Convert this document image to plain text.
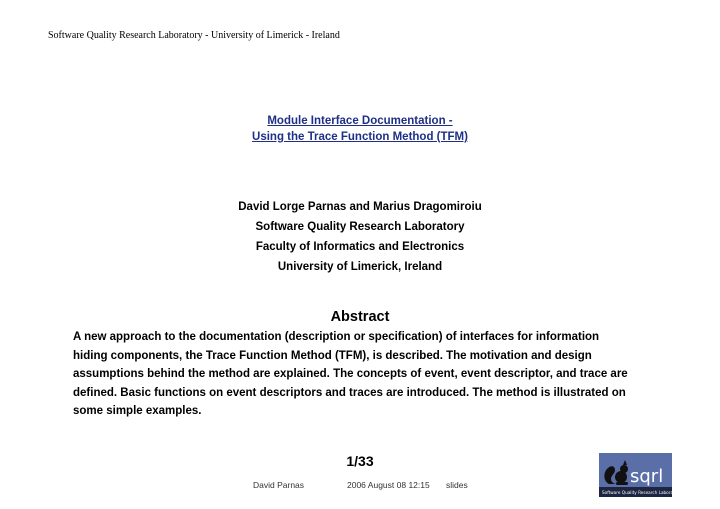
Software Quality Research Laboratory - University of Limerick - Ireland
Module Interface Documentation -
Using the Trace Function Method (TFM)
David Lorge Parnas and Marius Dragomiroiu
Software Quality Research Laboratory
Faculty of Informatics and Electronics
University of Limerick, Ireland
Abstract
A new approach to the documentation (description or specification) of interfaces for information
hiding components, the Trace Function Method (TFM), is described. The motivation and design
assumptions behind the method are explained. The concepts of event, event descriptor, and trace are
defined. Basic functions on event descriptors and traces are introduced. The method is illustrated on
some simple examples.
1/33
David Parnas	2006 August 08 12:15 slides	sqrl
Software Quality Research Laboratory
